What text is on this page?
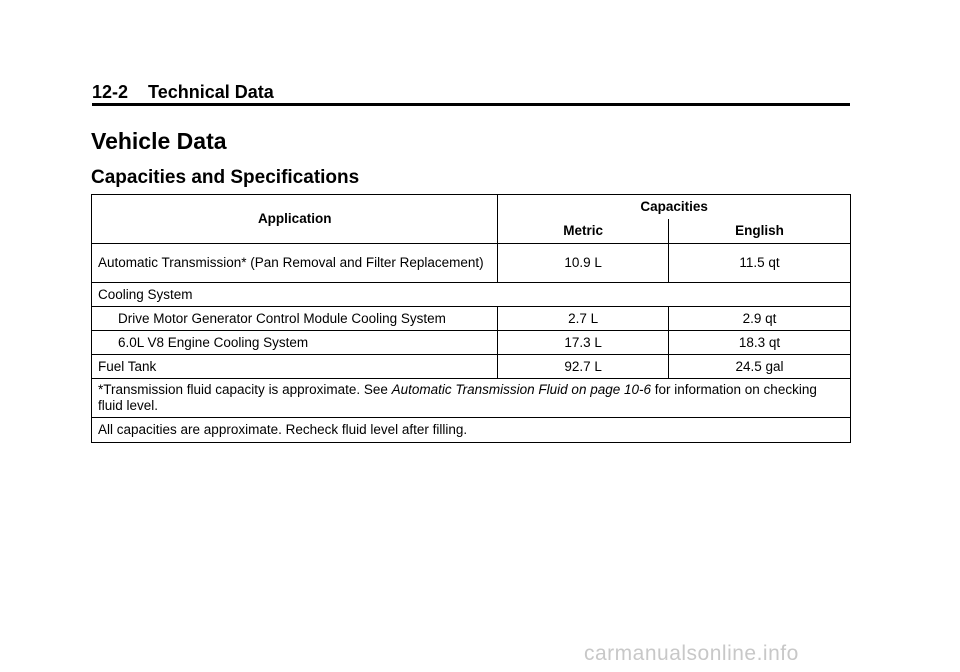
12-2 Technical Data
Vehicle Data
Capacities and Specifications
Application	Capacities	
	Metric	English
Automatic Transmission* (Pan Removal and Filter Replacement)	10.9 L	11.5 qt
Cooling System		
Drive Motor Generator Control Module Cooling System	2.7 L	2.9 qt
6.0L V8 Engine Cooling System	17.3 L	18.3 qt
Fuel Tank	92.7 L	24.5 gal
*Transmission fluid capacity is approximate. See Automatic Transmission Fluid on page 10-6 for information on checking fluid level.		
All capacities are approximate. Recheck fluid level after filling.		
carmanualsonline.info
